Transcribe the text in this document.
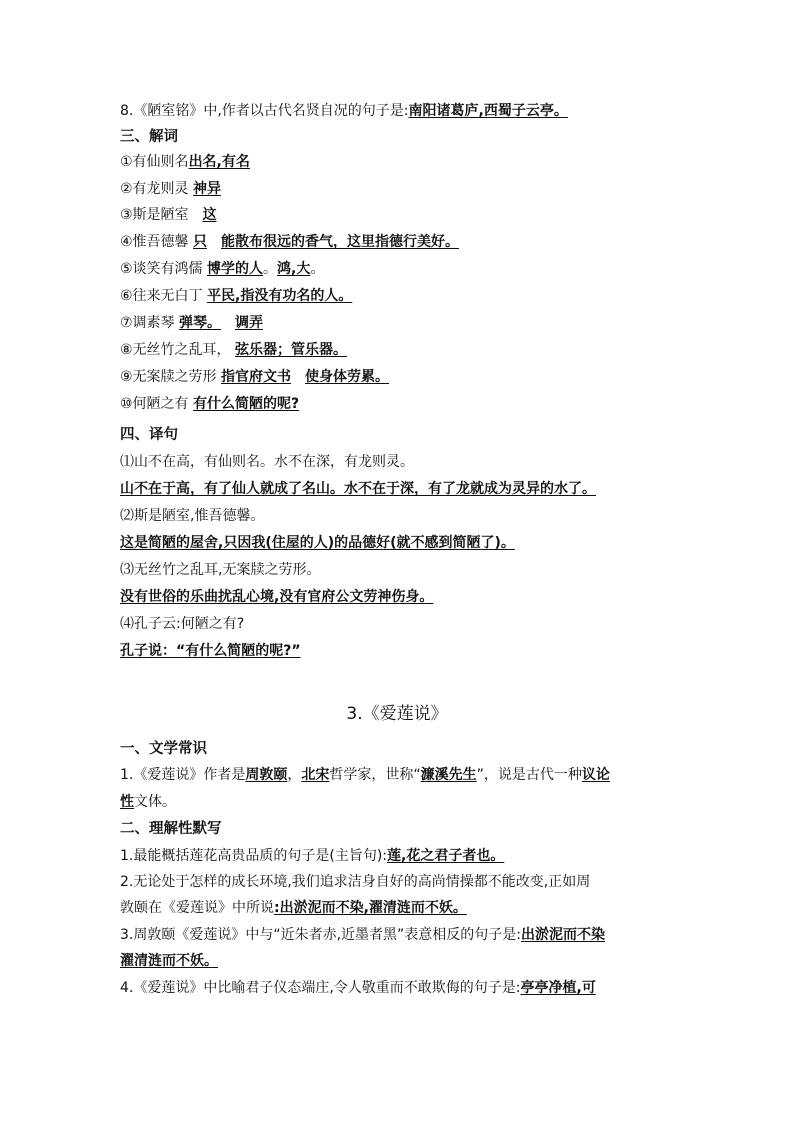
8.《陋室铭》中,作者以古代名贤自况的句子是:南阳诸葛庐,西蜀子云亭。
三、解词
①有仙则名出名,有名
②有龙则灵 神异
③斯是陋室 这
④惟吾德馨 只 能散布很远的香气，这里指德行美好。
⑤谈笑有鸿儒 博学的人。鸿,大。
⑥往来无白丁 平民,指没有功名的人。
⑦调素琴 弹琴。 调弄
⑧无丝竹之乱耳， 弦乐器；管乐器。
⑨无案牍之劳形 指官府文书 使身体劳累。
⑩何陋之有 有什么简陋的呢?
四、译句
⑴山不在高，有仙则名。水不在深，有龙则灵。
山不在于高，有了仙人就成了名山。水不在于深，有了龙就成为灵异的水了。
⑵斯是陋室,惟吾德馨。
这是简陋的屋舍,只因我(住屋的人)的品德好(就不感到简陋了)。
⑶无丝竹之乱耳,无案牍之劳形。
没有世俗的乐曲扰乱心境,没有官府公文劳神伤身。
⑷孔子云:何陋之有?
孔子说：“有什么简陋的呢?”
3.《爱莲说》
一、文学常识
1.《爱莲说》作者是周敦颐，北宋哲学家，世称“濂溪先生”，说是古代一种议论
性文体。
二、理解性默写
1.最能概括莲花高贵品质的句子是(主旨句):莲,花之君子者也。
2.无论处于怎样的成长环境,我们追求洁身自好的高尚情操都不能改变,正如周
敦颐在《爱莲说》中所说:出淤泥而不染,濯清涟而不妖。
3.周敦颐《爱莲说》中与“近朱者赤,近墨者黑”表意相反的句子是:出淤泥而不染
濯清涟而不妖。
4.《爱莲说》中比喻君子仪态端庄,令人敬重而不敢欺侮的句子是:亭亭净植,可
